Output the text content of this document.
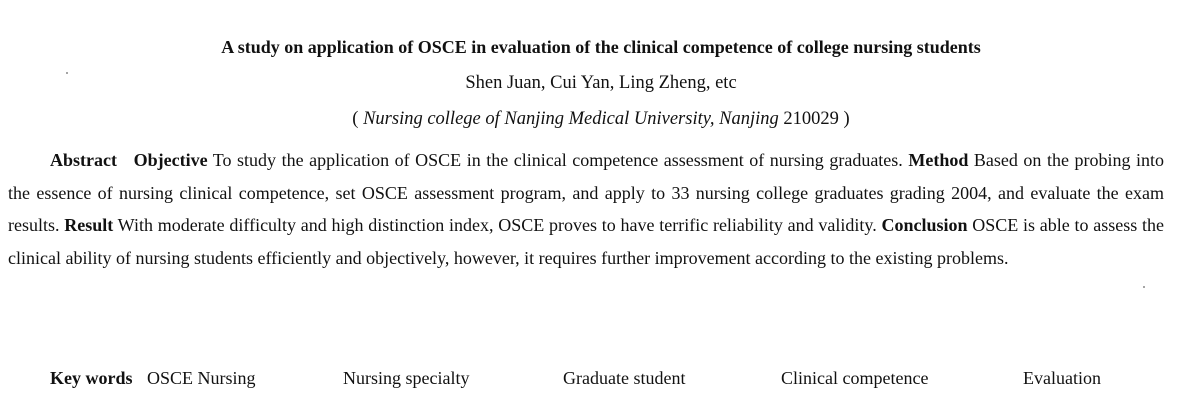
A study on application of OSCE in evaluation of the clinical competence of college nursing students
Shen Juan, Cui Yan, Ling Zheng, etc
( Nursing college of Nanjing Medical University, Nanjing 210029 )

Abstract Objective To study the application of OSCE in the clinical competence assessment of nursing graduates. Method Based on the probing into the essence of nursing clinical competence, set OSCE assessment program, and apply to 33 nursing college graduates grading 2004, and evaluate the exam results. Result With moderate difficulty and high distinction index, OSCE proves to have terrific reliability and validity. Conclusion OSCE is able to assess the clinical ability of nursing students efficiently and objectively, however, it requires further improvement according to the existing problems.

Key words OSCE Nursing	Nursing specialty	Graduate student	Clinical competence	Evaluation
